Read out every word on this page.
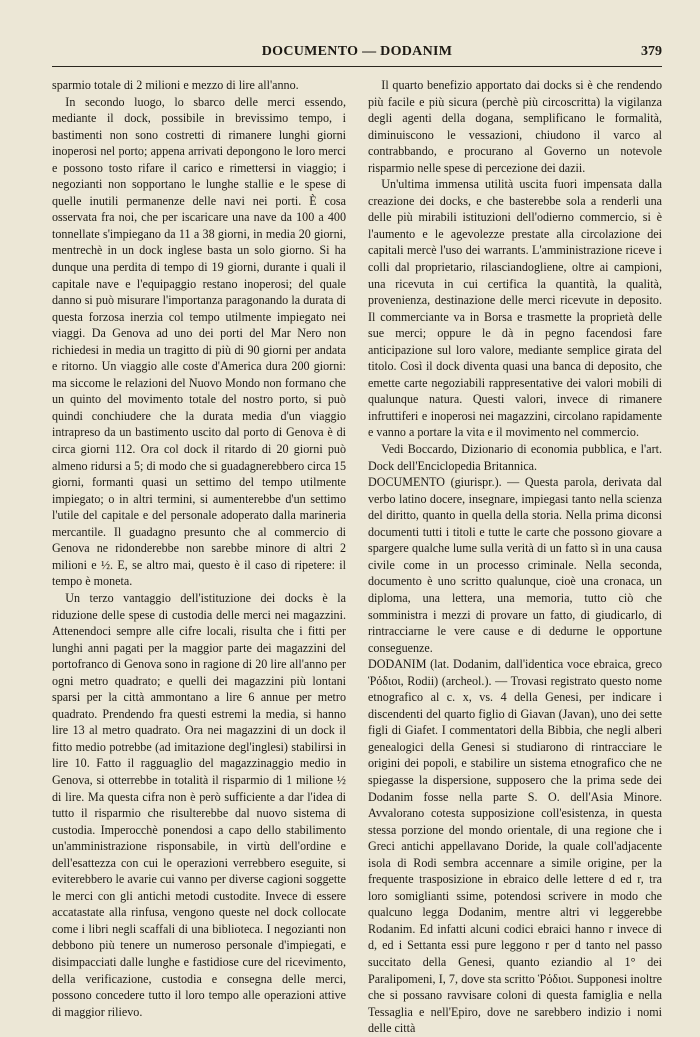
DOCUMENTO — DODANIM	379

sparmio totale di 2 milioni e mezzo di lire all'anno.

In secondo luogo, lo sbarco delle merci essendo, mediante il dock, possibile in brevissimo tempo, i bastimenti non sono costretti di rimanere lunghi giorni inoperosi nel porto; appena arrivati depongono le loro merci e possono tosto rifare il carico e rimettersi in viaggio; i negozianti non sopportano le lunghe stallie e le spese di quelle inutili permanenze delle navi nei porti. È cosa osservata fra noi, che per iscaricare una nave da 100 a 400 tonnellate s'impiegano da 11 a 38 giorni, in media 20 giorni, mentrechè in un dock inglese basta un solo giorno. Si ha dunque una perdita di tempo di 19 giorni, durante i quali il capitale nave e l'equipaggio restano inoperosi; del quale danno si può misurare l'importanza paragonando la durata di questa forzosa inerzia col tempo utilmente impiegato nei viaggi. Da Genova ad uno dei porti del Mar Nero non richiedesi in media un tragitto di più di 90 giorni per andata e ritorno. Un viaggio alle coste d'America dura 200 giorni: ma siccome le relazioni del Nuovo Mondo non formano che un quinto del movimento totale del nostro porto, si può quindi conchiudere che la durata media d'un viaggio intrapreso da un bastimento uscito dal porto di Genova è di circa giorni 112. Ora col dock il ritardo di 20 giorni può almeno ridursi a 5; di modo che si guadagnerebbero circa 15 giorni, formanti quasi un settimo del tempo utilmente impiegato; o in altri termini, si aumenterebbe d'un settimo l'utile del capitale e del personale adoperato dalla marineria mercantile. Il guadagno presunto che al commercio di Genova ne ridonderebbe non sarebbe minore di altri 2 milioni e ½. E, se altro mai, questo è il caso di ripetere: il tempo è moneta.

Un terzo vantaggio dell'istituzione dei docks è la riduzione delle spese di custodia delle merci nei magazzini. Attenendoci sempre alle cifre locali, risulta che i fitti per lunghi anni pagati per la maggior parte dei magazzini del portofranco di Genova sono in ragione di 20 lire all'anno per ogni metro quadrato; e quelli dei magazzini più lontani sparsi per la città ammontano a lire 6 annue per metro quadrato. Prendendo fra questi estremi la media, si hanno lire 13 al metro quadrato. Ora nei magazzini di un dock il fitto medio potrebbe (ad imitazione degl'inglesi) stabilirsi in lire 10. Fatto il ragguaglio del magazzinaggio medio in Genova, si otterrebbe in totalità il risparmio di 1 milione ½ di lire. Ma questa cifra non è però sufficiente a dar l'idea di tutto il risparmio che risulterebbe dal nuovo sistema di custodia. Imperocchè ponendosi a capo dello stabilimento un'amministrazione risponsabile, in virtù dell'ordine e dell'esattezza con cui le operazioni verrebbero eseguite, si eviterebbero le avarie cui vanno per diverse cagioni soggette le merci con gli antichi metodi custodite. Invece di essere accatastate alla rinfusa, vengono queste nel dock collocate come i libri negli scaffali di una biblioteca. I negozianti non debbono più tenere un numeroso personale d'impiegati, e disimpacciati dalle lunghe e fastidiose cure del ricevimento, della verificazione, custodia e consegna delle merci, possono concedere tutto il loro tempo alle operazioni attive di maggior rilievo.

Il quarto benefizio apportato dai docks si è che rendendo più facile e più sicura (perchè più circoscritta) la vigilanza degli agenti della dogana, semplificano le formalità, diminuiscono le vessazioni, chiudono il varco al contrabbando, e procurano al Governo un notevole risparmio nelle spese di percezione dei dazii.

Un'ultima immensa utilità uscita fuori impensata dalla creazione dei docks, e che basterebbe sola a renderli una delle più mirabili istituzioni dell'odierno commercio, si è l'aumento e le agevolezze prestate alla circolazione dei capitali mercè l'uso dei warrants. L'amministrazione riceve i colli dal proprietario, rilasciandogliene, oltre ai campioni, una ricevuta in cui certifica la quantità, la qualità, provenienza, destinazione delle merci ricevute in deposito. Il commerciante va in Borsa e trasmette la proprietà delle sue merci; oppure le dà in pegno facendosi fare anticipazione sul loro valore, mediante semplice girata del titolo. Così il dock diventa quasi una banca di deposito, che emette carte negoziabili rappresentative dei valori mobili di qualunque natura. Questi valori, invece di rimanere infruttiferi e inoperosi nei magazzini, circolano rapidamente e vanno a portare la vita e il movimento nel commercio.

Vedi Boccardo, Dizionario di economia pubblica, e l'art. Dock dell'Enciclopedia Britannica.

DOCUMENTO (giurispr.). — Questa parola, derivata dal verbo latino docere, insegnare, impiegasi tanto nella scienza del diritto, quanto in quella della storia. Nella prima diconsi documenti tutti i titoli e tutte le carte che possono giovare a spargere qualche lume sulla verità di un fatto sì in una causa civile come in un processo criminale. Nella seconda, documento è uno scritto qualunque, cioè una cronaca, un diploma, una lettera, una memoria, tutto ciò che somministra i mezzi di provare un fatto, di giudicarlo, di rintracciarne le vere cause e di dedurne le opportune conseguenze.

DODANIM (lat. Dodanim, dall'identica voce ebraica, greco Ῥόδιοι, Rodii) (archeol.). — Trovasi registrato questo nome etnografico al c. x, vs. 4 della Genesi, per indicare i discendenti del quarto figlio di Giavan (Javan), uno dei sette figli di Giafet. I commentatori della Bibbia, che negli alberi genealogici della Genesi si studiarono di rintracciare le origini dei popoli, e stabilire un sistema etnografico che ne spiegasse la dispersione, supposero che la prima sede dei Dodanim fosse nella parte S. O. dell'Asia Minore. Avvalorano cotesta supposizione coll'esistenza, in questa stessa porzione del mondo orientale, di una regione che i Greci antichi appellavano Doride, la quale coll'adjacente isola di Rodi sembra accennare a simile origine, per la frequente trasposizione in ebraico delle lettere d ed r, tra loro somiglianti ssime, potendosi scrivere in modo che qualcuno legga Dodanim, mentre altri vi leggerebbe Rodanim. Ed infatti alcuni codici ebraici hanno r invece di d, ed i Settanta essi pure leggono r per d tanto nel passo succitato della Genesi, quanto eziandio al 1° dei Paralipomeni, I, 7, dove sta scritto Ῥόδιοι. Supponesi inoltre che si possano ravvisare coloni di questa famiglia e nella Tessaglia e nell'Epiro, dove ne sarebbero indizio i nomi delle città
